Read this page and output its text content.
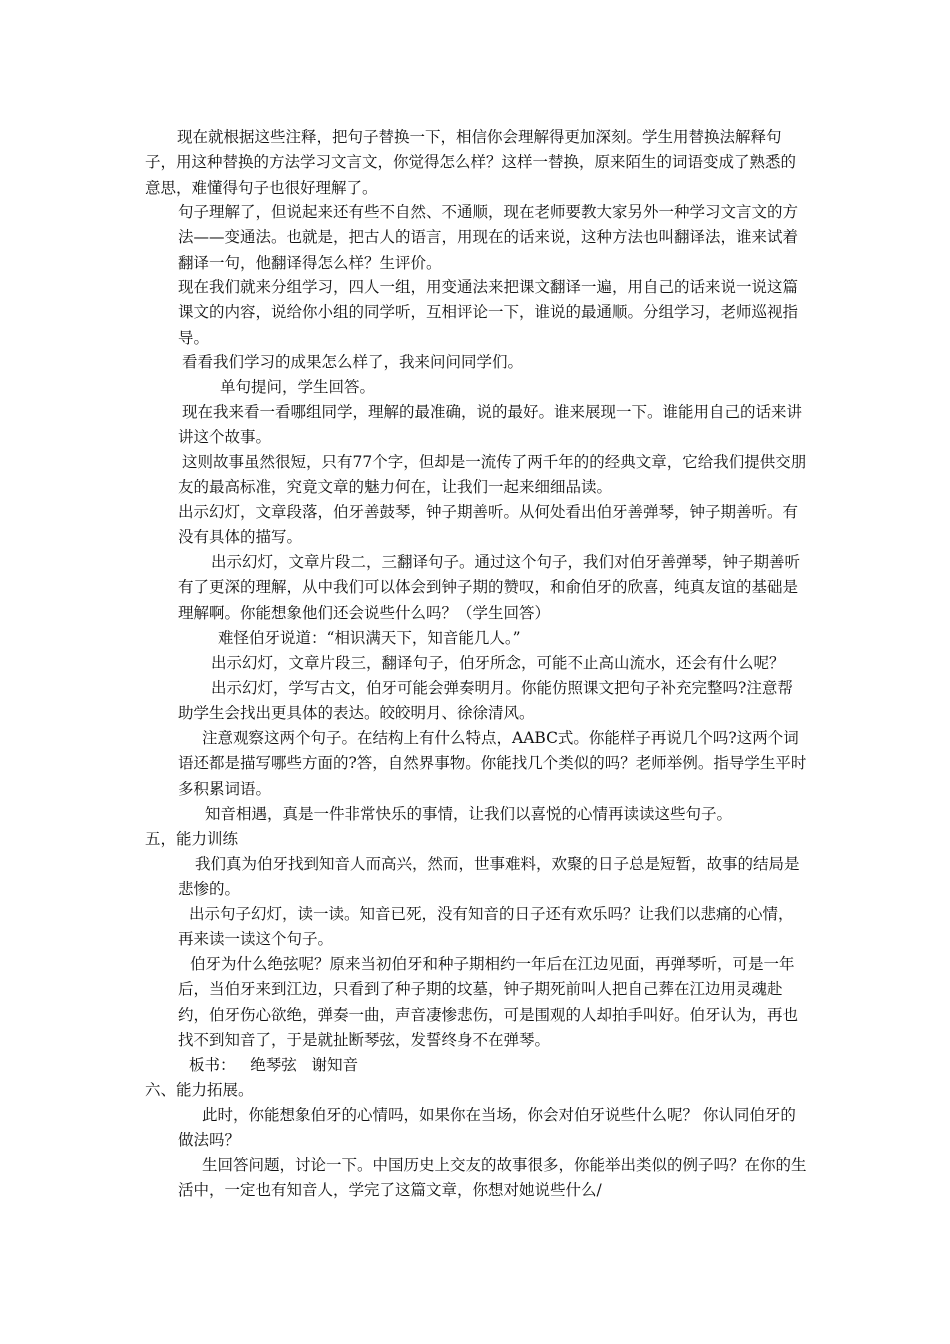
现在就根据这些注释，把句子替换一下，相信你会理解得更加深刻。学生用替换法解释句子，用这种替换的方法学习文言文，你觉得怎么样？这样一替换，原来陌生的词语变成了熟悉的意思，难懂得句子也很好理解了。
句子理解了，但说起来还有些不自然、不通顺，现在老师要教大家另外一种学习文言文的方法——变通法。也就是，把古人的语言，用现在的话来说，这种方法也叫翻译法，谁来试着翻译一句，他翻译得怎么样？生评价。
现在我们就来分组学习，四人一组，用变通法来把课文翻译一遍，用自己的话来说一说这篇课文的内容，说给你小组的同学听，互相评论一下，谁说的最通顺。分组学习，老师巡视指导。
看看我们学习的成果怎么样了，我来问问同学们。
单句提问，学生回答。
现在我来看一看哪组同学，理解的最准确，说的最好。谁来展现一下。谁能用自己的话来讲讲这个故事。
这则故事虽然很短，只有77个字，但却是一流传了两千年的的经典文章，它给我们提供交朋友的最高标准，究竟文章的魅力何在，让我们一起来细细品读。
出示幻灯，文章段落，伯牙善鼓琴，钟子期善听。从何处看出伯牙善弹琴，钟子期善听。有没有具体的描写。
出示幻灯，文章片段二，三翻译句子。通过这个句子，我们对伯牙善弹琴，钟子期善听有了更深的理解，从中我们可以体会到钟子期的赞叹，和俞伯牙的欣喜，纯真友谊的基础是理解啊。你能想象他们还会说些什么吗？（学生回答）
难怪伯牙说道：“相识满天下，知音能几人。”
出示幻灯，文章片段三，翻译句子，伯牙所念，可能不止高山流水，还会有什么呢？
出示幻灯，学写古文，伯牙可能会弹奏明月。你能仿照课文把句子补充完整吗?注意帮助学生会找出更具体的表达。皎皎明月、徐徐清风。
注意观察这两个句子。在结构上有什么特点，AABC式。你能样子再说几个吗?这两个词语还都是描写哪些方面的?答，自然界事物。你能找几个类似的吗？老师举例。指导学生平时多积累词语。
知音相遇，真是一件非常快乐的事情，让我们以喜悦的心情再读读这些句子。
五，能力训练
我们真为伯牙找到知音人而高兴，然而，世事难料，欢聚的日子总是短暂，故事的结局是悲惨的。
出示句子幻灯，读一读。知音已死，没有知音的日子还有欢乐吗？让我们以悲痛的心情，再来读一读这个句子。
伯牙为什么绝弦呢？原来当初伯牙和种子期相约一年后在江边见面，再弹琴听，可是一年后，当伯牙来到江边，只看到了种子期的坟墓，钟子期死前叫人把自己葬在江边用灵魂赴约，伯牙伤心欲绝，弹奏一曲，声音凄惨悲伤，可是围观的人却拍手叫好。伯牙认为，再也找不到知音了，于是就扯断琴弦，发誓终身不在弹琴。
板书：   绝琴弦   谢知音
六、能力拓展。
此时，你能想象伯牙的心情吗，如果你在当场，你会对伯牙说些什么呢？ 你认同伯牙的做法吗？
生回答问题，讨论一下。中国历史上交友的故事很多，你能举出类似的例子吗？在你的生活中，一定也有知音人，学完了这篇文章，你想对她说些什么/
